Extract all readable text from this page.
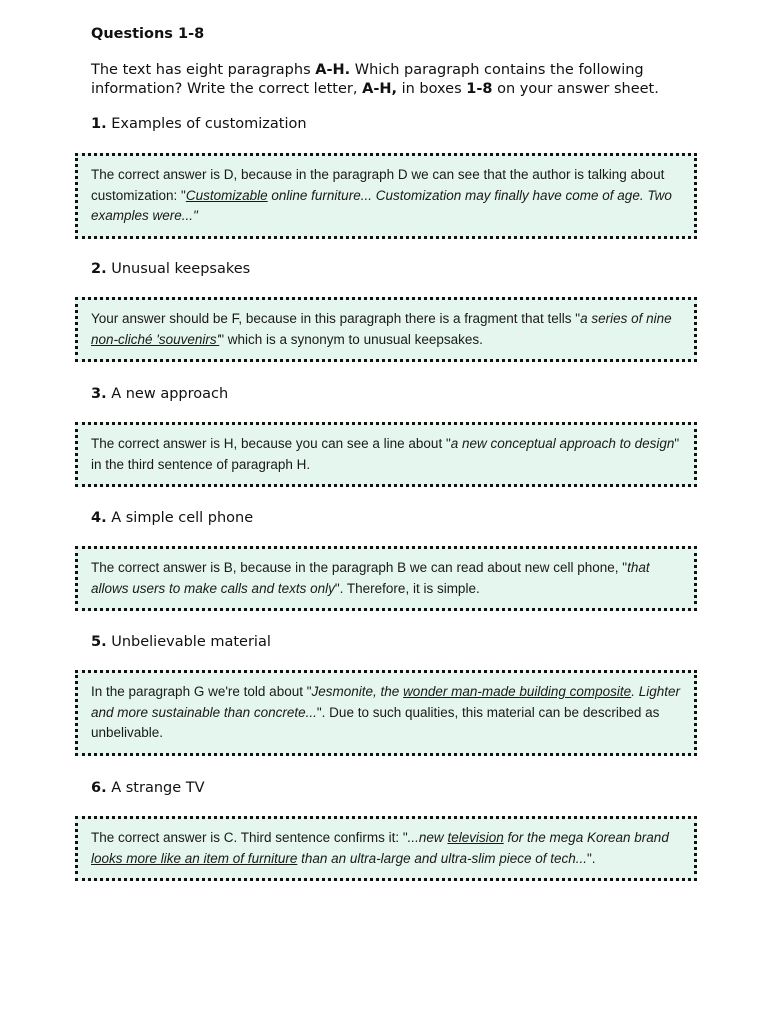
Questions 1-8

The text has eight paragraphs A-H. Which paragraph contains the following information? Write the correct letter, A-H, in boxes 1-8 on your answer sheet.

1. Examples of customization

The correct answer is D, because in the paragraph D we can see that the author is talking about customization: "Customizable online furniture... Customization may finally have come of age. Two examples were..."

2. Unusual keepsakes

Your answer should be F, because in this paragraph there is a fragment that tells "a series of nine non-cliché 'souvenirs'" which is a synonym to unusual keepsakes.

3. A new approach

The correct answer is H, because you can see a line about "a new conceptual approach to design" in the third sentence of paragraph H.

4. A simple cell phone

The correct answer is B, because in the paragraph B we can read about new cell phone, "that allows users to make calls and texts only". Therefore, it is simple.

5. Unbelievable material

In the paragraph G we're told about "Jesmonite, the wonder man-made building composite. Lighter and more sustainable than concrete...". Due to such qualities, this material can be described as unbelivable.

6. A strange TV

The correct answer is C. Third sentence confirms it: "...new television for the mega Korean brand looks more like an item of furniture than an ultra-large and ultra-slim piece of tech...".
